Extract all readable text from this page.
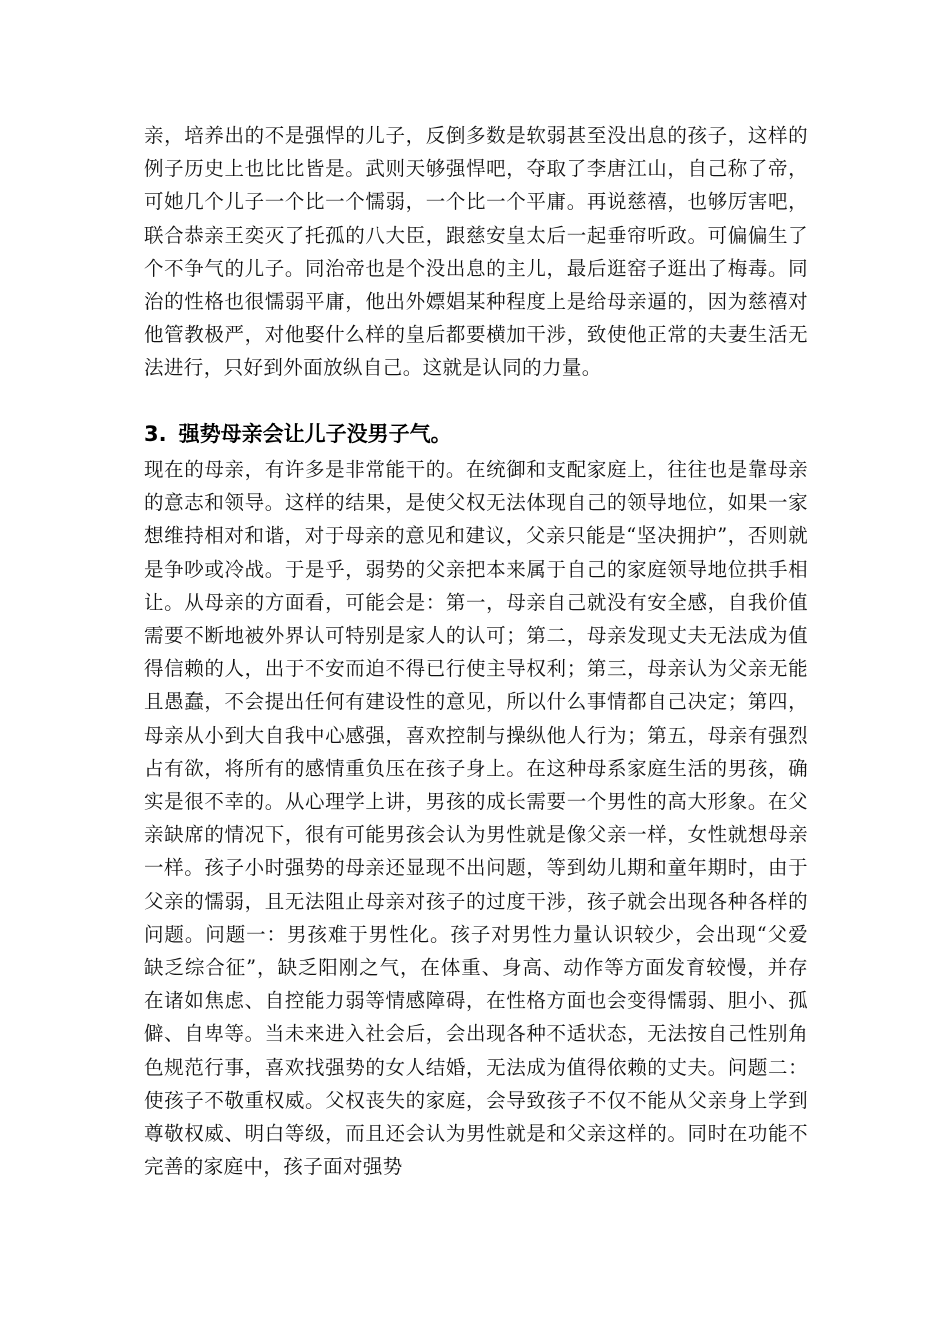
亲，培养出的不是强悍的儿子，反倒多数是软弱甚至没出息的孩子，这样的例子历史上也比比皆是。武则天够强悍吧，夺取了李唐江山，自己称了帝，可她几个儿子一个比一个懦弱，一个比一个平庸。再说慈禧，也够厉害吧，联合恭亲王奕灭了托孤的八大臣，跟慈安皇太后一起垂帘听政。可偏偏生了个不争气的儿子。同治帝也是个没出息的主儿，最后逛窑子逛出了梅毒。同治的性格也很懦弱平庸，他出外嫖娼某种程度上是给母亲逼的，因为慈禧对他管教极严，对他娶什么样的皇后都要横加干涉，致使他正常的夫妻生活无法进行，只好到外面放纵自己。这就是认同的力量。

3. 强势母亲会让儿子没男子气。

现在的母亲，有许多是非常能干的。在统御和支配家庭上，往往也是靠母亲的意志和领导。这样的结果，是使父权无法体现自己的领导地位，如果一家想维持相对和谐，对于母亲的意见和建议，父亲只能是“坚决拥护”，否则就是争吵或冷战。于是乎，弱势的父亲把本来属于自己的家庭领导地位拱手相让。从母亲的方面看，可能会是：第一，母亲自己就没有安全感，自我价值需要不断地被外界认可特别是家人的认可；第二，母亲发现丈夫无法成为值得信赖的人，出于不安而迫不得已行使主导权利；第三，母亲认为父亲无能且愚蠢，不会提出任何有建设性的意见，所以什么事情都自己决定；第四，母亲从小到大自我中心感强，喜欢控制与操纵他人行为；第五，母亲有强烈占有欲，将所有的感情重负压在孩子身上。在这种母系家庭生活的男孩，确实是很不幸的。从心理学上讲，男孩的成长需要一个男性的高大形象。在父亲缺席的情况下，很有可能男孩会认为男性就是像父亲一样，女性就想母亲一样。孩子小时强势的母亲还显现不出问题，等到幼儿期和童年期时，由于父亲的懦弱，且无法阻止母亲对孩子的过度干涉，孩子就会出现各种各样的问题。问题一：男孩难于男性化。孩子对男性力量认识较少，会出现“父爱缺乏综合征”，缺乏阳刚之气，在体重、身高、动作等方面发育较慢，并存在诸如焦虑、自控能力弱等情感障碍，在性格方面也会变得懦弱、胆小、孤僻、自卑等。当未来进入社会后，会出现各种不适状态，无法按自己性别角色规范行事，喜欢找强势的女人结婚，无法成为值得依赖的丈夫。问题二：使孩子不敬重权威。父权丧失的家庭，会导致孩子不仅不能从父亲身上学到尊敬权威、明白等级，而且还会认为男性就是和父亲这样的。同时在功能不完善的家庭中，孩子面对强势
